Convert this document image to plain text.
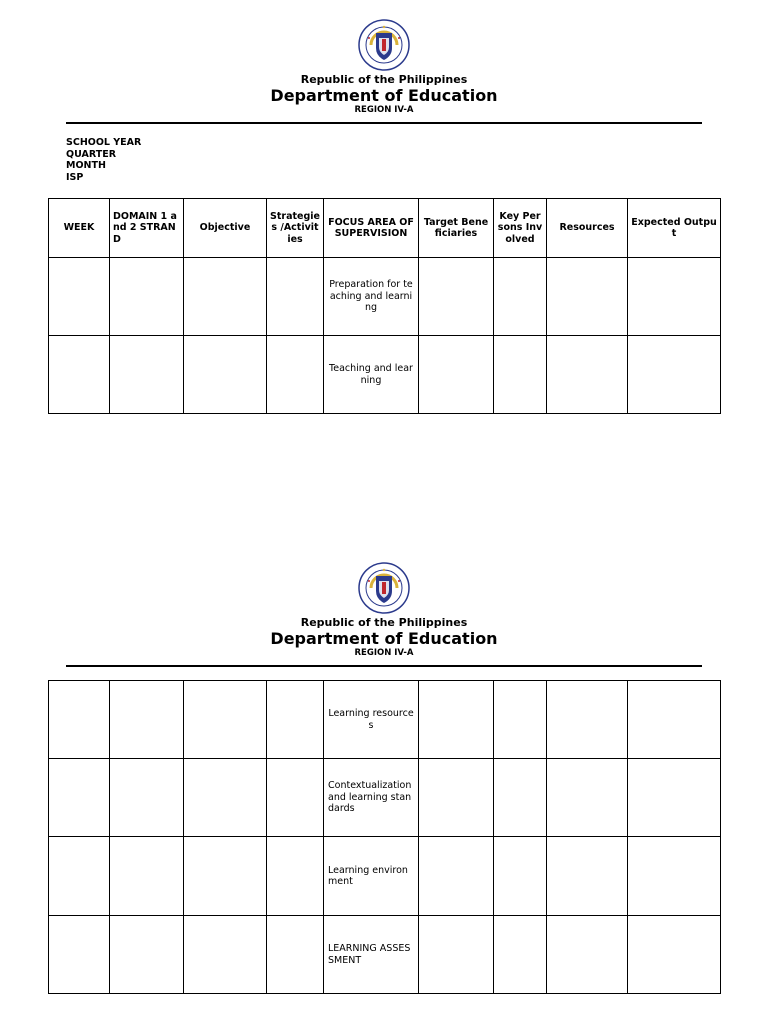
Republic of the Philippines
Department of Education
REGION IV-A
SCHOOL YEAR
QUARTER
MONTH
ISP
WEEK	DOMAIN 1 and 2 STRAND	Objective	Strategies /Activities	FOCUS AREA OF SUPERVISION	Target Beneficiaries	Key Persons Involved	Resources	Expected Output
				Preparation for teaching and learning				
				Teaching and learning				
Republic of the Philippines
Department of Education
REGION IV-A
				Learning resources				
				Contextualization and learning standards				
				Learning environment				
				LEARNING ASSESSMENT				
